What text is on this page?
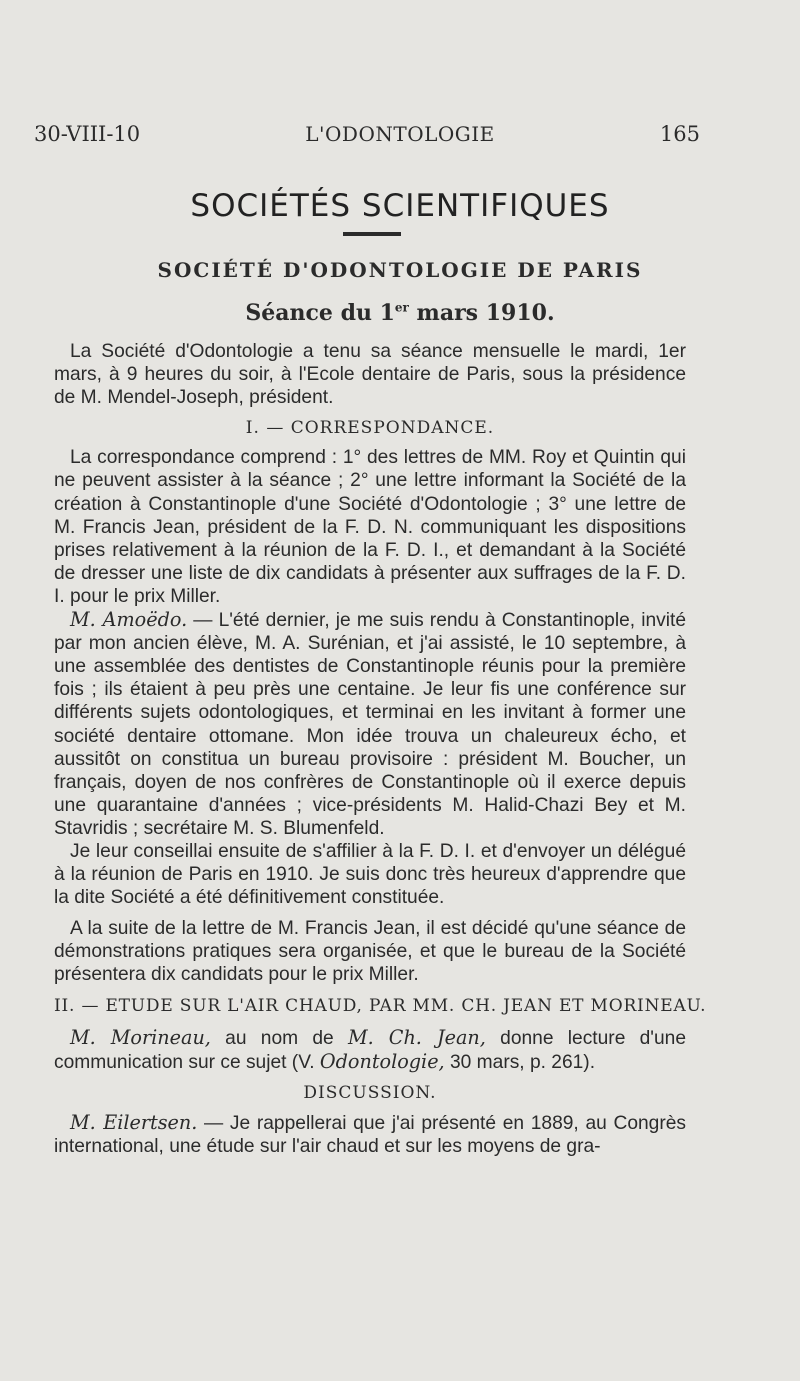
30-VIII-10	L'ODONTOLOGIE	165
SOCIÉTÉS SCIENTIFIQUES
SOCIÉTÉ D'ODONTOLOGIE DE PARIS
Séance du 1er mars 1910.

La Société d'Odontologie a tenu sa séance mensuelle le mardi, 1er mars, à 9 heures du soir, à l'Ecole dentaire de Paris, sous la présidence de M. Mendel-Joseph, président.

I. — CORRESPONDANCE.

La correspondance comprend : 1° des lettres de MM. Roy et Quintin qui ne peuvent assister à la séance ; 2° une lettre informant la Société de la création à Constantinople d'une Société d'Odontologie ; 3° une lettre de M. Francis Jean, président de la F. D. N. communiquant les dispositions prises relativement à la réunion de la F. D. I., et demandant à la Société de dresser une liste de dix candidats à présenter aux suffrages de la F. D. I. pour le prix Miller.

M. Amoëdo. — L'été dernier, je me suis rendu à Constantinople, invité par mon ancien élève, M. A. Surénian, et j'ai assisté, le 10 septembre, à une assemblée des dentistes de Constantinople réunis pour la première fois ; ils étaient à peu près une centaine. Je leur fis une conférence sur différents sujets odontologiques, et terminai en les invitant à former une société dentaire ottomane. Mon idée trouva un chaleureux écho, et aussitôt on constitua un bureau provisoire : président M. Boucher, un français, doyen de nos confrères de Constantinople où il exerce depuis une quarantaine d'années ; vice-présidents M. Halid-Chazi Bey et M. Stavridis ; secrétaire M. S. Blumenfeld.

Je leur conseillai ensuite de s'affilier à la F. D. I. et d'envoyer un délégué à la réunion de Paris en 1910. Je suis donc très heureux d'apprendre que la dite Société a été définitivement constituée.

A la suite de la lettre de M. Francis Jean, il est décidé qu'une séance de démonstrations pratiques sera organisée, et que le bureau de la Société présentera dix candidats pour le prix Miller.

II. — ETUDE SUR L'AIR CHAUD, PAR MM. CH. JEAN ET MORINEAU.

M. Morineau, au nom de M. Ch. Jean, donne lecture d'une communication sur ce sujet (V. Odontologie, 30 mars, p. 261).

DISCUSSION.

M. Eilertsen. — Je rappellerai que j'ai présenté en 1889, au Congrès international, une étude sur l'air chaud et sur les moyens de gra-
